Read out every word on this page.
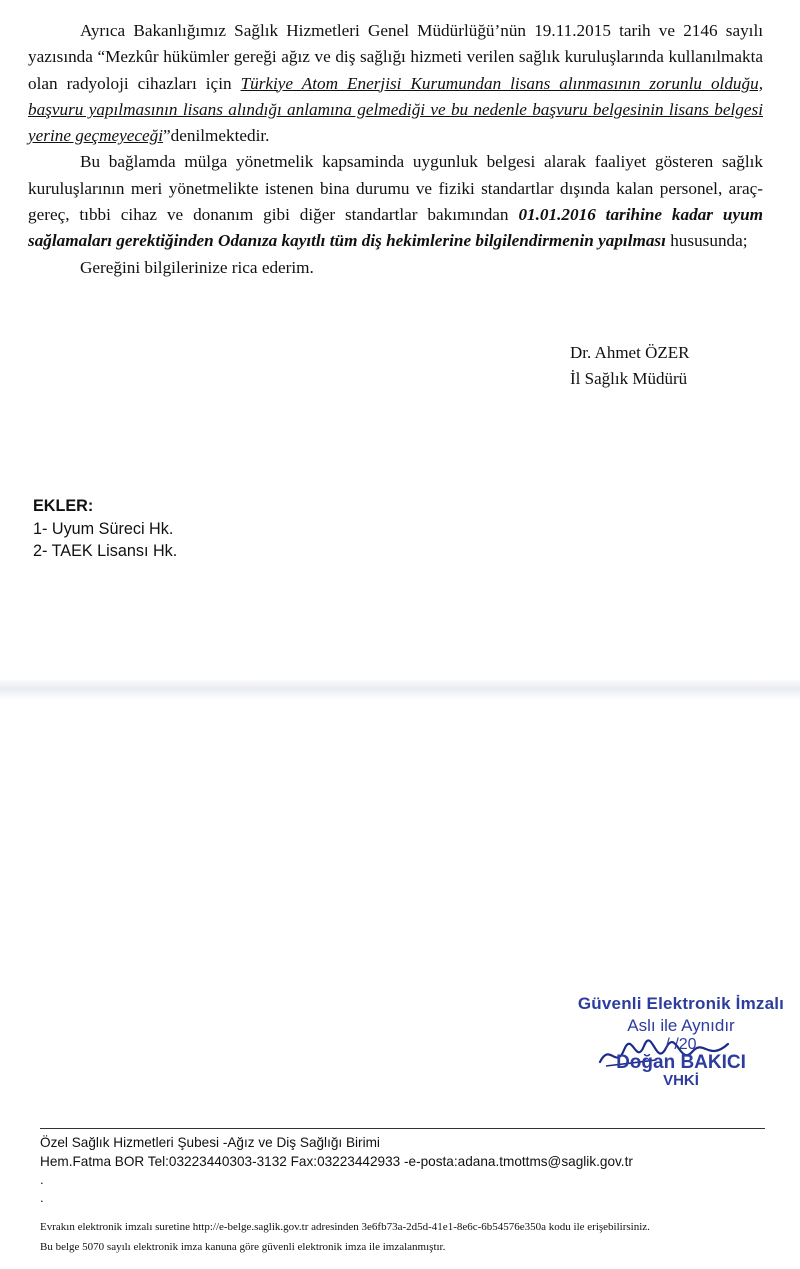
Ayrıca Bakanlığımız Sağlık Hizmetleri Genel Müdürlüğü’nün 19.11.2015 tarih ve 2146 sayılı yazısında “Mezkûr hükümler gereği ağız ve diş sağlığı hizmeti verilen sağlık kuruluşlarında kullanılmakta olan radyoloji cihazları için Türkiye Atom Enerjisi Kurumundan lisans alınmasının zorunlu olduğu, başvuru yapılmasının lisans alındığı anlamına gelmediği ve bu nedenle başvuru belgesinin lisans belgesi yerine geçmeyeceği”denilmektedir.

Bu bağlamda mülga yönetmelik kapsaminda uygunluk belgesi alarak faaliyet gösteren sağlık kuruluşlarının meri yönetmelikte istenen bina durumu ve fiziki standartlar dışında kalan personel, araç-gereç, tıbbi cihaz ve donanım gibi diğer standartlar bakımından 01.01.2016 tarihine kadar uyum sağlamaları gerektiğinden Odanıza kayıtlı tüm diş hekimlerine bilgilendirmenin yapılması hususunda;

Gereğini bilgilerinize rica ederim.

Dr. Ahmet ÖZER
İl Sağlık Müdürü
EKLER:
1- Uyum Süreci Hk.
2- TAEK Lisansı Hk.
Güvenli Elektronik İmzalı
Aslı ile Aynıdır
/ /20
Doğan BAKICI
VHKİ
Özel Sağlık Hizmetleri Şubesi -Ağız ve Diş Sağlığı Birimi
Hem.Fatma BOR Tel:03223440303-3132 Fax:03223442933 -e-posta:adana.tmottms@saglik.gov.tr
.
.
Evrakın elektronik imzalı suretine http://e-belge.saglik.gov.tr adresinden 3e6fb73a-2d5d-41e1-8e6c-6b54576e350a kodu ile erişebilirsiniz.
Bu belge 5070 sayılı elektronik imza kanuna göre güvenli elektronik imza ile imzalanmıştır.
